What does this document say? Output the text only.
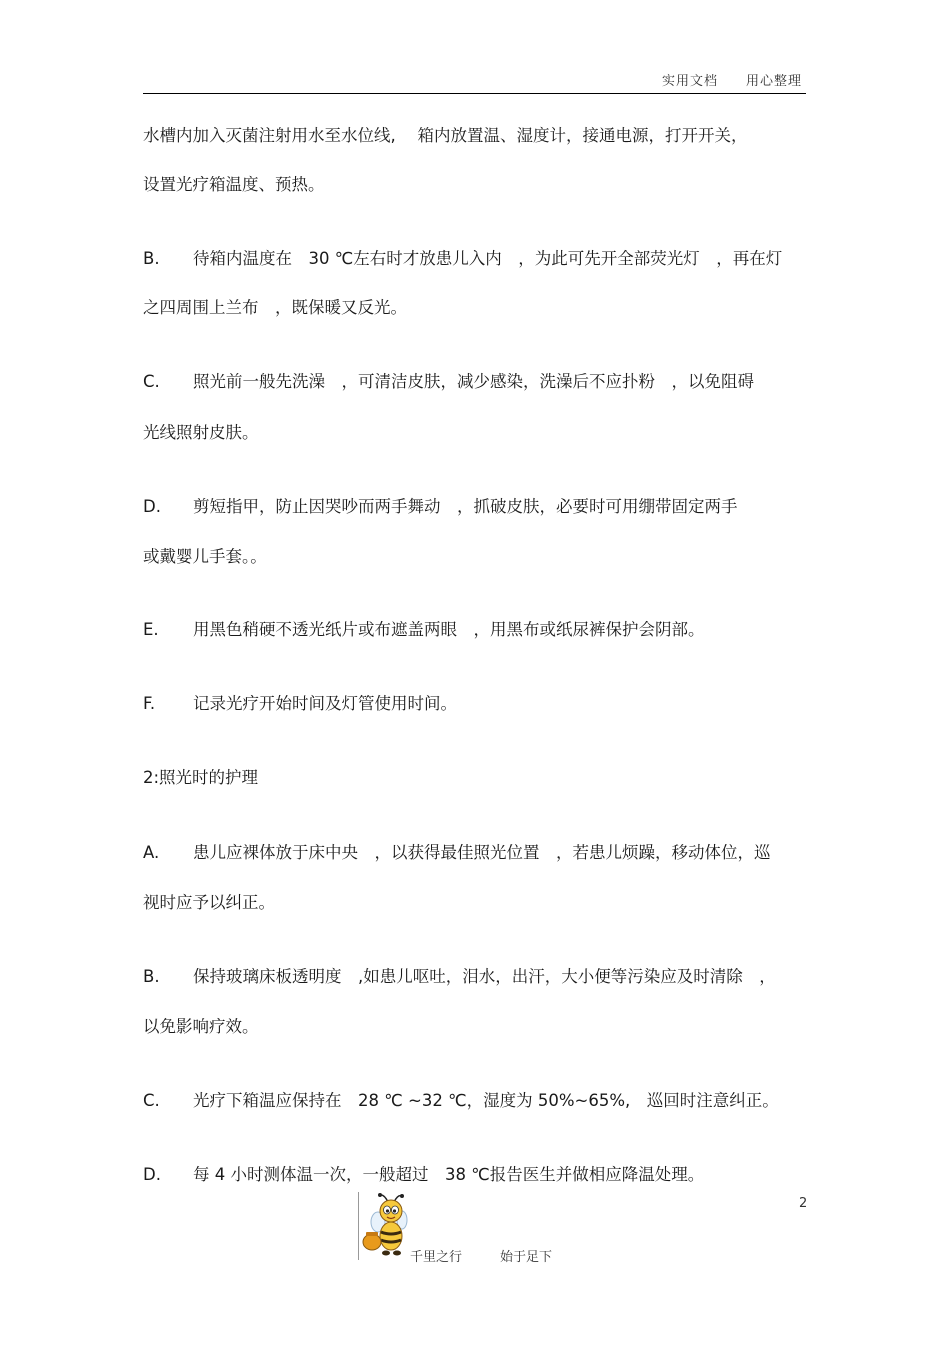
实用文档 用心整理
水槽内加入灭菌注射用水至水位线,　 箱内放置温、湿度计，接通电源，打开开关，
设置光疗箱温度、预热。
B. 待箱内温度在　30 ℃左右时才放患儿入内　，为此可先开全部荧光灯　，再在灯
之四周围上兰布　，既保暖又反光。
C. 照光前一般先洗澡　，可清洁皮肤，减少感染，洗澡后不应扑粉　，以免阻碍
光线照射皮肤。
D. 剪短指甲，防止因哭吵而两手舞动　，抓破皮肤，必要时可用绷带固定两手
或戴婴儿手套。。
E. 用黑色稍硬不透光纸片或布遮盖两眼　，用黑布或纸尿裤保护会阴部。
F. 记录光疗开始时间及灯管使用时间。
2:照光时的护理
A. 患儿应裸体放于床中央　，以获得最佳照光位置　，若患儿烦躁，移动体位，巡
视时应予以纠正。
B. 保持玻璃床板透明度　,如患儿呕吐，泪水，出汗，大小便等污染应及时清除　，
以免影响疗效。
C. 光疗下箱温应保持在　28 ℃ ~32 ℃，湿度为 50%~65%,　巡回时注意纠正。
D. 每 4 小时测体温一次，一般超过　38 ℃报告医生并做相应降温处理。
2
千里之行	始于足下
